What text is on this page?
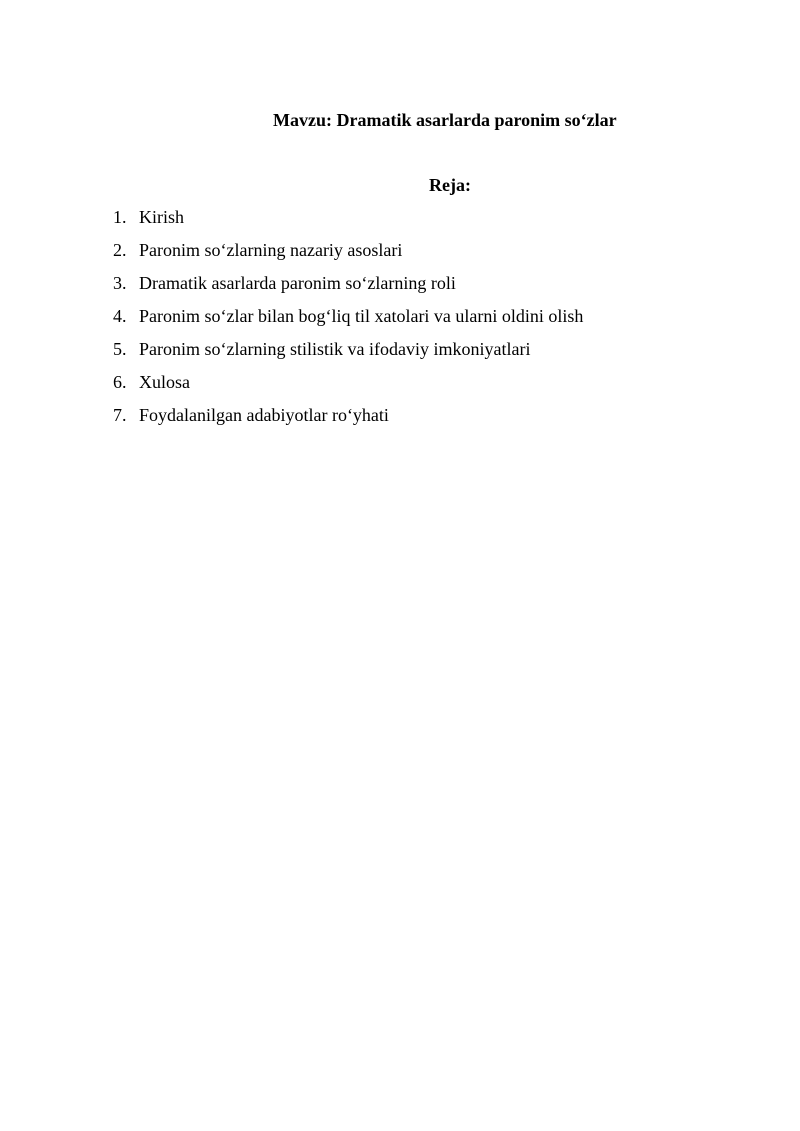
Mavzu: Dramatik asarlarda paronim so‘zlar
Reja:
1. Kirish
2. Paronim so‘zlarning nazariy asoslari
3. Dramatik asarlarda paronim so‘zlarning roli
4. Paronim so‘zlar bilan bog‘liq til xatolari va ularni oldini olish
5. Paronim so‘zlarning stilistik va ifodaviy imkoniyatlari
6. Xulosa
7. Foydalanilgan adabiyotlar ro‘yhati
